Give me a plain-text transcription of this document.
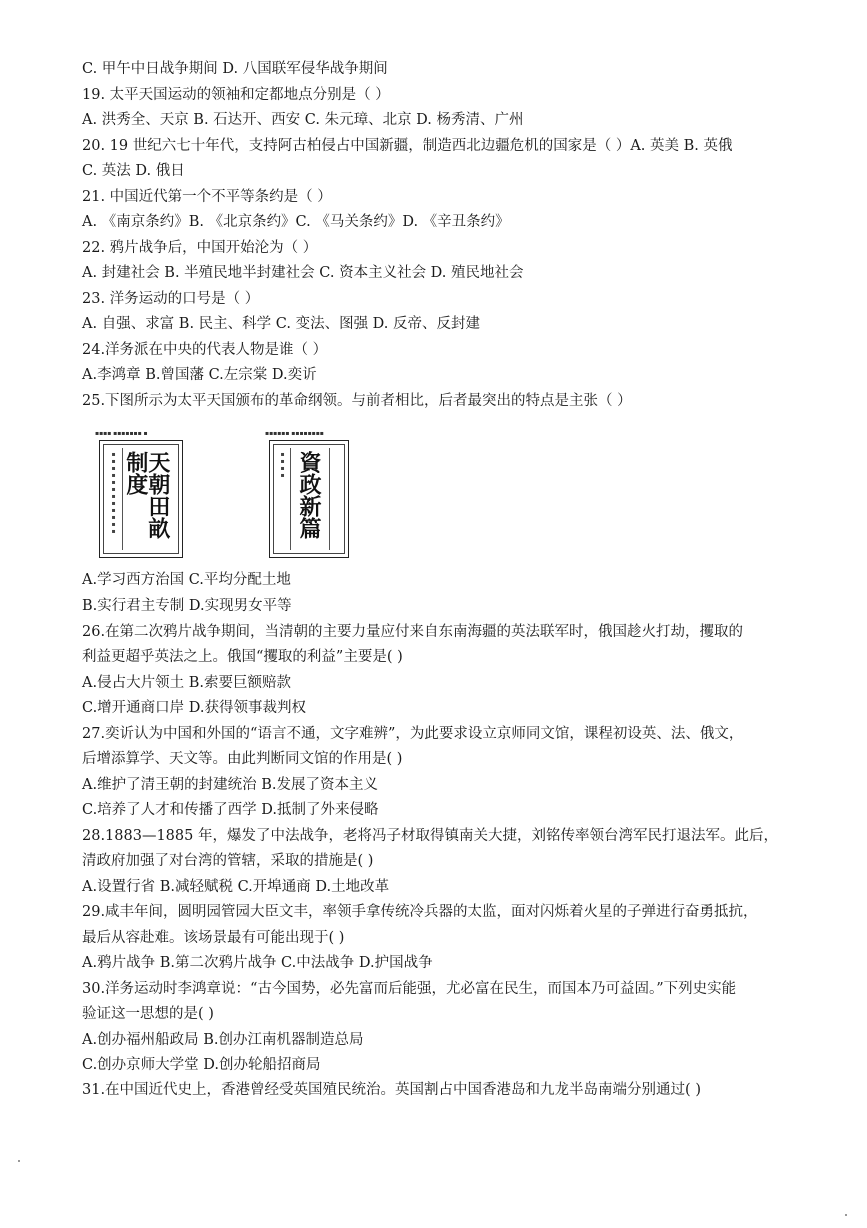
C. 甲午中日战争期间 D. 八国联军侵华战争期间
19. 太平天国运动的领袖和定都地点分别是（ ）
A. 洪秀全、天京 B. 石达开、西安 C. 朱元璋、北京 D. 杨秀清、广州
20. 19 世纪六七十年代，支持阿古柏侵占中国新疆，制造西北边疆危机的国家是（ ）A. 英美 B. 英俄
C. 英法 D. 俄日
21. 中国近代第一个不平等条约是（ ）
A. 《南京条约》B. 《北京条约》C. 《马关条约》D. 《辛丑条约》
22. 鸦片战争后，中国开始沦为（ ）
A. 封建社会 B. 半殖民地半封建社会 C. 资本主义社会 D. 殖民地社会
23. 洋务运动的口号是（ ）
A. 自强、求富 B. 民主、科学 C. 变法、图强 D. 反帝、反封建
24.洋务派在中央的代表人物是谁（ ）
A.李鸿章 B.曾国藩 C.左宗棠 D.奕䜣
25.下图所示为太平天国颁布的革命纲领。与前者相比，后者最突出的特点是主张（ ）
▪▪▪▪ ▪▪▪▪▪▪▪ ▪
▪▪▪▪▪▪▪▪▪▪▪▪	天朝田畝制度
▪▪▪▪▪▪ ▪▪▪▪▪▪▪▪
▪▪▪▪ 資政新篇
A.学习西方治国 C.平均分配土地
B.实行君主专制 D.实现男女平等
26.在第二次鸦片战争期间，当清朝的主要力量应付来自东南海疆的英法联军时，俄国趁火打劫，攫取的
利益更超乎英法之上。俄国“攫取的利益”主要是( )
A.侵占大片领土 B.索要巨额赔款
C.增开通商口岸 D.获得领事裁判权
27.奕䜣认为中国和外国的“语言不通，文字难辨”，为此要求设立京师同文馆，课程初设英、法、俄文，
后增添算学、天文等。由此判断同文馆的作用是( )
A.维护了清王朝的封建统治 B.发展了资本主义
C.培养了人才和传播了西学 D.抵制了外来侵略
28.1883—1885 年，爆发了中法战争，老将冯子材取得镇南关大捷，刘铭传率领台湾军民打退法军。此后，
清政府加强了对台湾的管辖，采取的措施是( )
A.设置行省 B.减轻赋税 C.开埠通商 D.土地改革
29.咸丰年间，圆明园管园大臣文丰，率领手拿传统冷兵器的太监，面对闪烁着火星的子弹进行奋勇抵抗，
最后从容赴难。该场景最有可能出现于( )
A.鸦片战争 B.第二次鸦片战争 C.中法战争 D.护国战争
30.洋务运动时李鸿章说：“古今国势，必先富而后能强，尤必富在民生，而国本乃可益固。”下列史实能
验证这一思想的是( )
A.创办福州船政局 B.创办江南机器制造总局
C.创办京师大学堂 D.创办轮船招商局
31.在中国近代史上，香港曾经受英国殖民统治。英国割占中国香港岛和九龙半岛南端分别通过( )
